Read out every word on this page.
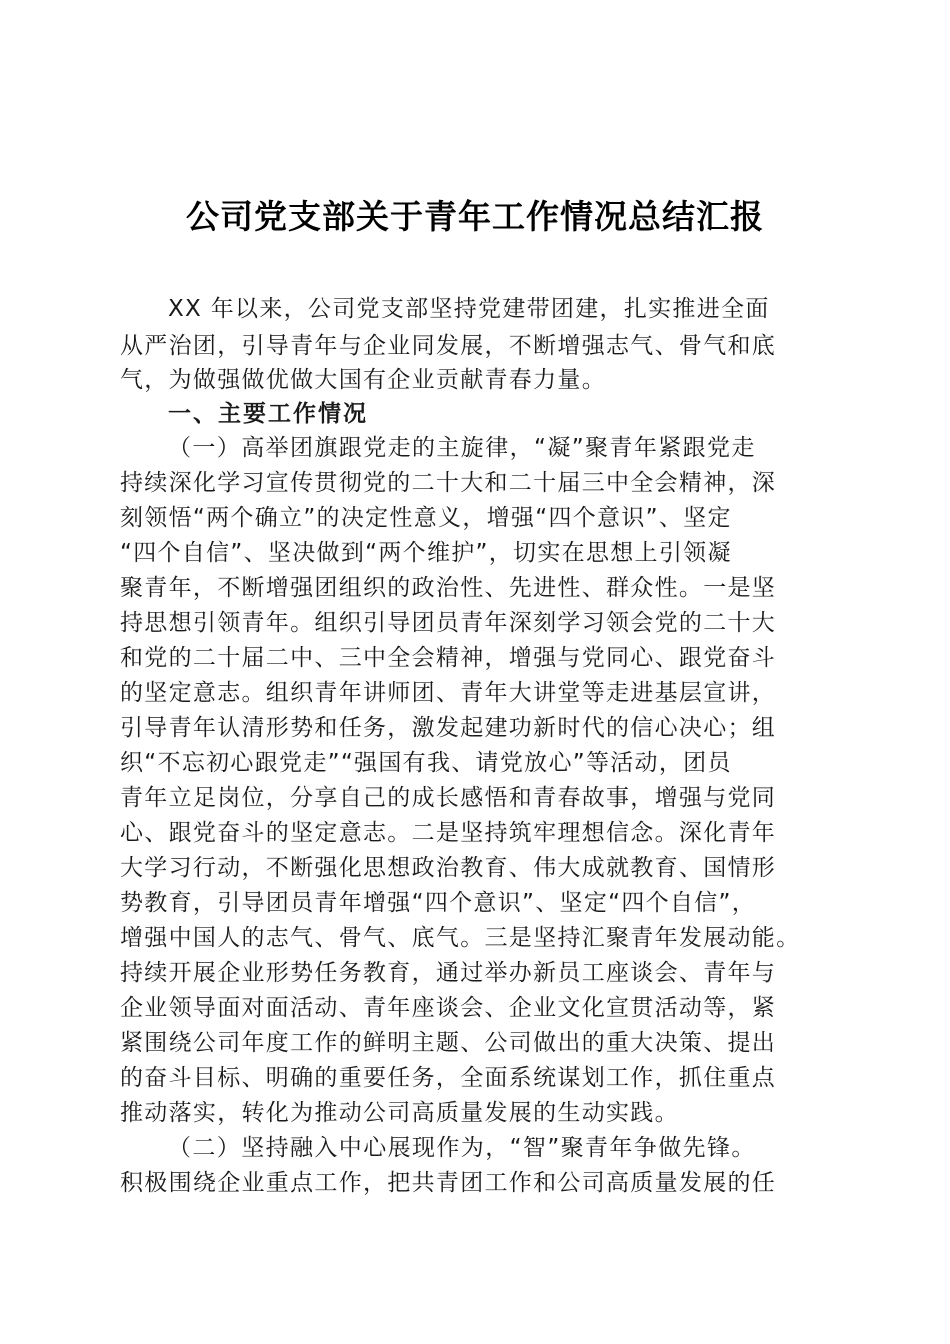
公司党支部关于青年工作情况总结汇报
XX 年以来，公司党支部坚持党建带团建，扎实推进全面
从严治团，引导青年与企业同发展，不断增强志气、骨气和底
气，为做强做优做大国有企业贡献青春力量。
一、主要工作情况
（一）高举团旗跟党走的主旋律，“凝”聚青年紧跟党走
持续深化学习宣传贯彻党的二十大和二十届三中全会精神，深
刻领悟“两个确立”的决定性意义，增强“四个意识”、坚定
“四个自信”、坚决做到“两个维护”，切实在思想上引领凝
聚青年，不断增强团组织的政治性、先进性、群众性。一是坚
持思想引领青年。组织引导团员青年深刻学习领会党的二十大
和党的二十届二中、三中全会精神，增强与党同心、跟党奋斗
的坚定意志。组织青年讲师团、青年大讲堂等走进基层宣讲，
引导青年认清形势和任务，激发起建功新时代的信心决心；组
织“不忘初心跟党走”“强国有我、请党放心”等活动，团员
青年立足岗位，分享自己的成长感悟和青春故事，增强与党同
心、跟党奋斗的坚定意志。二是坚持筑牢理想信念。深化青年
大学习行动，不断强化思想政治教育、伟大成就教育、国情形
势教育，引导团员青年增强“四个意识”、坚定“四个自信”，
增强中国人的志气、骨气、底气。三是坚持汇聚青年发展动能。
持续开展企业形势任务教育，通过举办新员工座谈会、青年与
企业领导面对面活动、青年座谈会、企业文化宣贯活动等，紧
紧围绕公司年度工作的鲜明主题、公司做出的重大决策、提出
的奋斗目标、明确的重要任务，全面系统谋划工作，抓住重点
推动落实，转化为推动公司高质量发展的生动实践。
（二）坚持融入中心展现作为，“智”聚青年争做先锋。
积极围绕企业重点工作，把共青团工作和公司高质量发展的任
